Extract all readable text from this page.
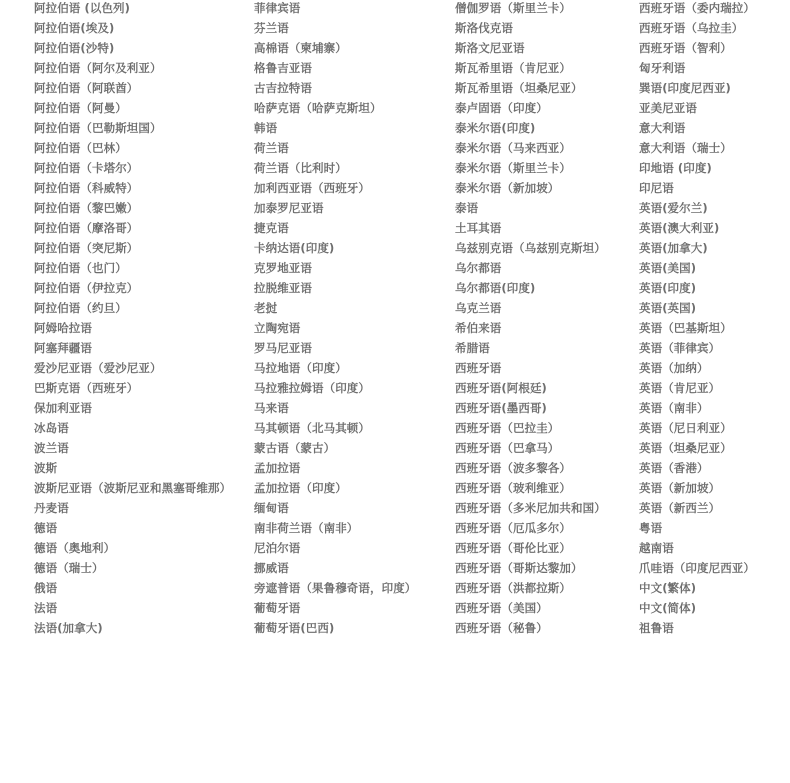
阿拉伯语 (以色列)
阿拉伯语(埃及)
阿拉伯语(沙特)
阿拉伯语（阿尔及利亚）
阿拉伯语（阿联酋）
阿拉伯语（阿曼）
阿拉伯语（巴勒斯坦国）
阿拉伯语（巴林）
阿拉伯语（卡塔尔）
阿拉伯语（科威特）
阿拉伯语（黎巴嫩）
阿拉伯语（摩洛哥）
阿拉伯语（突尼斯）
阿拉伯语（也门）
阿拉伯语（伊拉克）
阿拉伯语（约旦）
阿姆哈拉语
阿塞拜疆语
爱沙尼亚语（爱沙尼亚）
巴斯克语（西班牙）
保加利亚语
冰岛语
波兰语
波斯
波斯尼亚语（波斯尼亚和黑塞哥维那）
丹麦语
德语
德语（奥地利）
德语（瑞士）
俄语
法语
法语(加拿大)
菲律宾语
芬兰语
高棉语（柬埔寨）
格鲁吉亚语
古吉拉特语
哈萨克语（哈萨克斯坦）
韩语
荷兰语
荷兰语（比利时）
加利西亚语（西班牙）
加泰罗尼亚语
捷克语
卡纳达语(印度)
克罗地亚语
拉脱维亚语
老挝
立陶宛语
罗马尼亚语
马拉地语（印度）
马拉雅拉姆语（印度）
马来语
马其顿语（北马其顿）
蒙古语（蒙古）
孟加拉语
孟加拉语（印度）
缅甸语
南非荷兰语（南非）
尼泊尔语
挪威语
旁遮普语（果鲁穆奇语，印度）
葡萄牙语
葡萄牙语(巴西)
僧伽罗语（斯里兰卡）
斯洛伐克语
斯洛文尼亚语
斯瓦希里语（肯尼亚）
斯瓦希里语（坦桑尼亚）
泰卢固语（印度）
泰米尔语(印度)
泰米尔语（马来西亚）
泰米尔语（斯里兰卡）
泰米尔语（新加坡）
泰语
土耳其语
乌兹别克语（乌兹别克斯坦）
乌尔都语
乌尔都语(印度)
乌克兰语
希伯来语
希腊语
西班牙语
西班牙语(阿根廷)
西班牙语(墨西哥)
西班牙语（巴拉圭）
西班牙语（巴拿马）
西班牙语（波多黎各）
西班牙语（玻利维亚）
西班牙语（多米尼加共和国）
西班牙语（厄瓜多尔）
西班牙语（哥伦比亚）
西班牙语（哥斯达黎加）
西班牙语（洪都拉斯）
西班牙语（美国）
西班牙语（秘鲁）
西班牙语（委内瑞拉）
西班牙语（乌拉圭）
西班牙语（智利）
匈牙利语
巽语(印度尼西亚)
亚美尼亚语
意大利语
意大利语（瑞士）
印地语 (印度)
印尼语
英语(爱尔兰)
英语(澳大利亚)
英语(加拿大)
英语(美国)
英语(印度)
英语(英国)
英语（巴基斯坦）
英语（菲律宾）
英语（加纳）
英语（肯尼亚）
英语（南非）
英语（尼日利亚）
英语（坦桑尼亚）
英语（香港）
英语（新加坡）
英语（新西兰）
粤语
越南语
爪哇语（印度尼西亚）
中文(繁体)
中文(简体)
祖鲁语
